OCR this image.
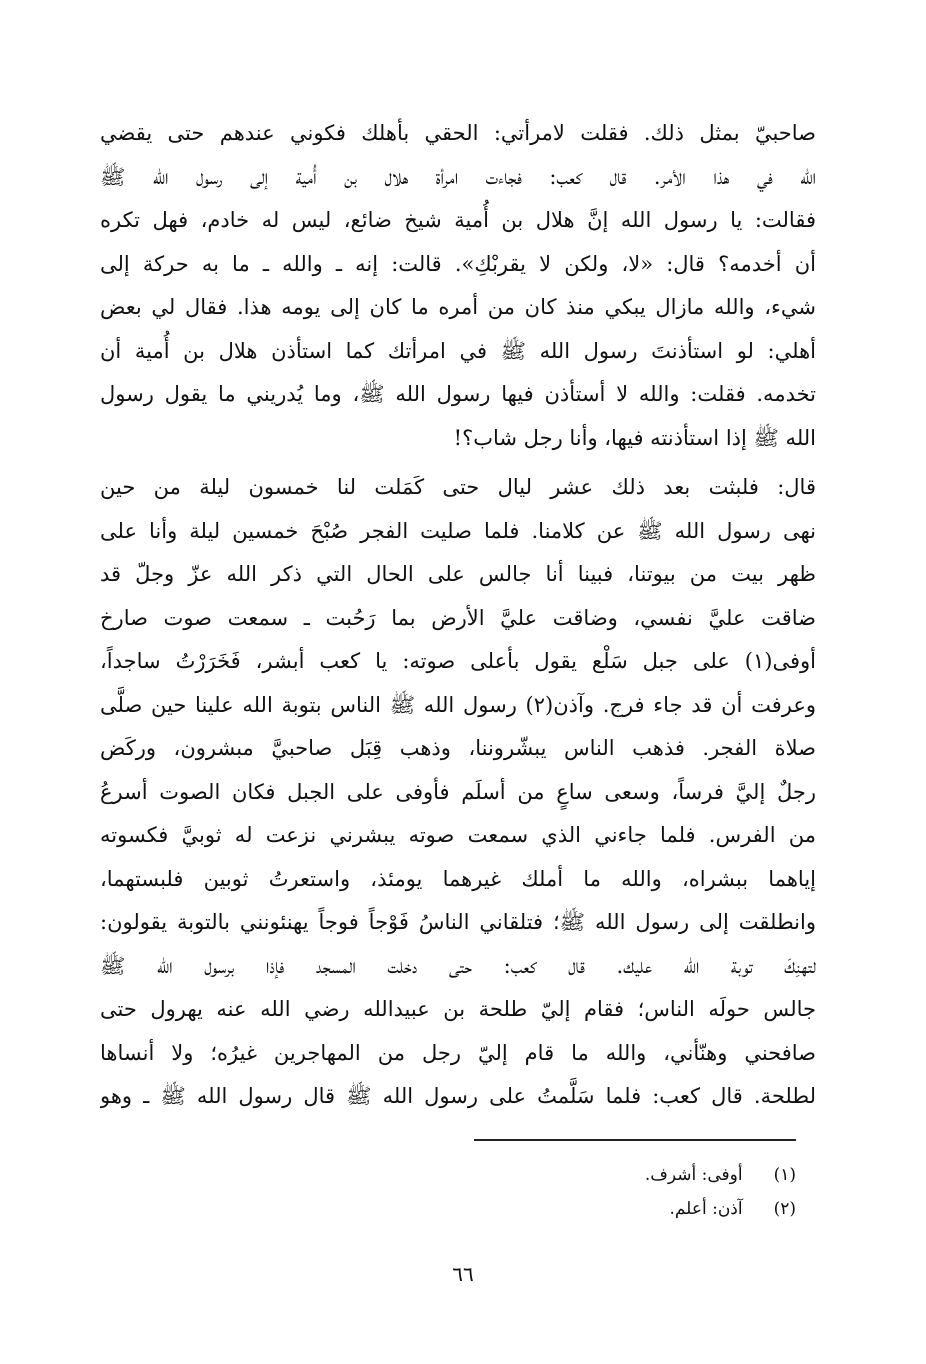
صاحبيّ بمثل ذلك. فقلت لامرأتي: الحقي بأهلك فكوني عندهم حتى يقضي
الله في هذا الأمر. قال كعب: فجاءت امرأة هلال بن أُمية إلى رسول الله ﷺ
فقالت: يا رسول الله إنَّ هلال بن أُمية شيخ ضائع، ليس له خادم، فهل تكره
أن أخدمه؟ قال: «لا، ولكن لا يقربْكِ». قالت: إنه ـ والله ـ ما به حركة إلى
شيء، والله مازال يبكي منذ كان من أمره ما كان إلى يومه هذا. فقال لي بعض
أهلي: لو استأذنتَ رسول الله ﷺ في امرأتك كما استأذن هلال بن أُمية أن
تخدمه. فقلت: والله لا أستأذن فيها رسول الله ﷺ، وما يُدريني ما يقول رسول
الله ﷺ إذا استأذنته فيها، وأنا رجل شاب؟!
قال: فلبثت بعد ذلك عشر ليال حتى كَمَلت لنا خمسون ليلة من حين
نهى رسول الله ﷺ عن كلامنا. فلما صليت الفجر صُبْحَ خمسين ليلة وأنا على
ظهر بيت من بيوتنا، فبينا أنا جالس على الحال التي ذكر الله عزّ وجلّ قد
ضاقت عليَّ نفسي، وضاقت عليَّ الأرض بما رَحُبت ـ سمعت صوت صارخ
أوفى(١) على جبل سَلْع يقول بأعلى صوته: يا كعب أبشر، فَخَرَرْتُ ساجداً،
وعرفت أن قد جاء فرج. وآذن(٢) رسول الله ﷺ الناس بتوبة الله علينا حين صلَّى
صلاة الفجر. فذهب الناس يبشّروننا، وذهب قِبَل صاحبيَّ مبشرون، وركَض
رجلٌ إليَّ فرساً، وسعى ساعٍ من أسلَم فأوفى على الجبل فكان الصوت أسرعُ
من الفرس. فلما جاءني الذي سمعت صوته يبشرني نزعت له ثوبيَّ فكسوته
إياهما ببشراه، والله ما أملك غيرهما يومئذ، واستعرتُ ثوبين فلبستهما،
وانطلقت إلى رسول الله ﷺ؛ فتلقاني الناسُ فَوْجاً فوجاً يهنئونني بالتوبة يقولون:
لتهنِكَ توبة الله عليك. قال كعب: حتى دخلت المسجد فإذا برسول الله ﷺ
جالس حولَه الناس؛ فقام إليّ طلحة بن عبيدالله رضي الله عنه يهرول حتى
صافحني وهنّأني، والله ما قام إليّ رجل من المهاجرين غيرُه؛ ولا أنساها
لطلحة. قال كعب: فلما سَلَّمتُ على رسول الله ﷺ قال رسول الله ﷺ ـ وهو
(١) أوفى: أشرف.
(٢) آذن: أعلم.
٦٦
